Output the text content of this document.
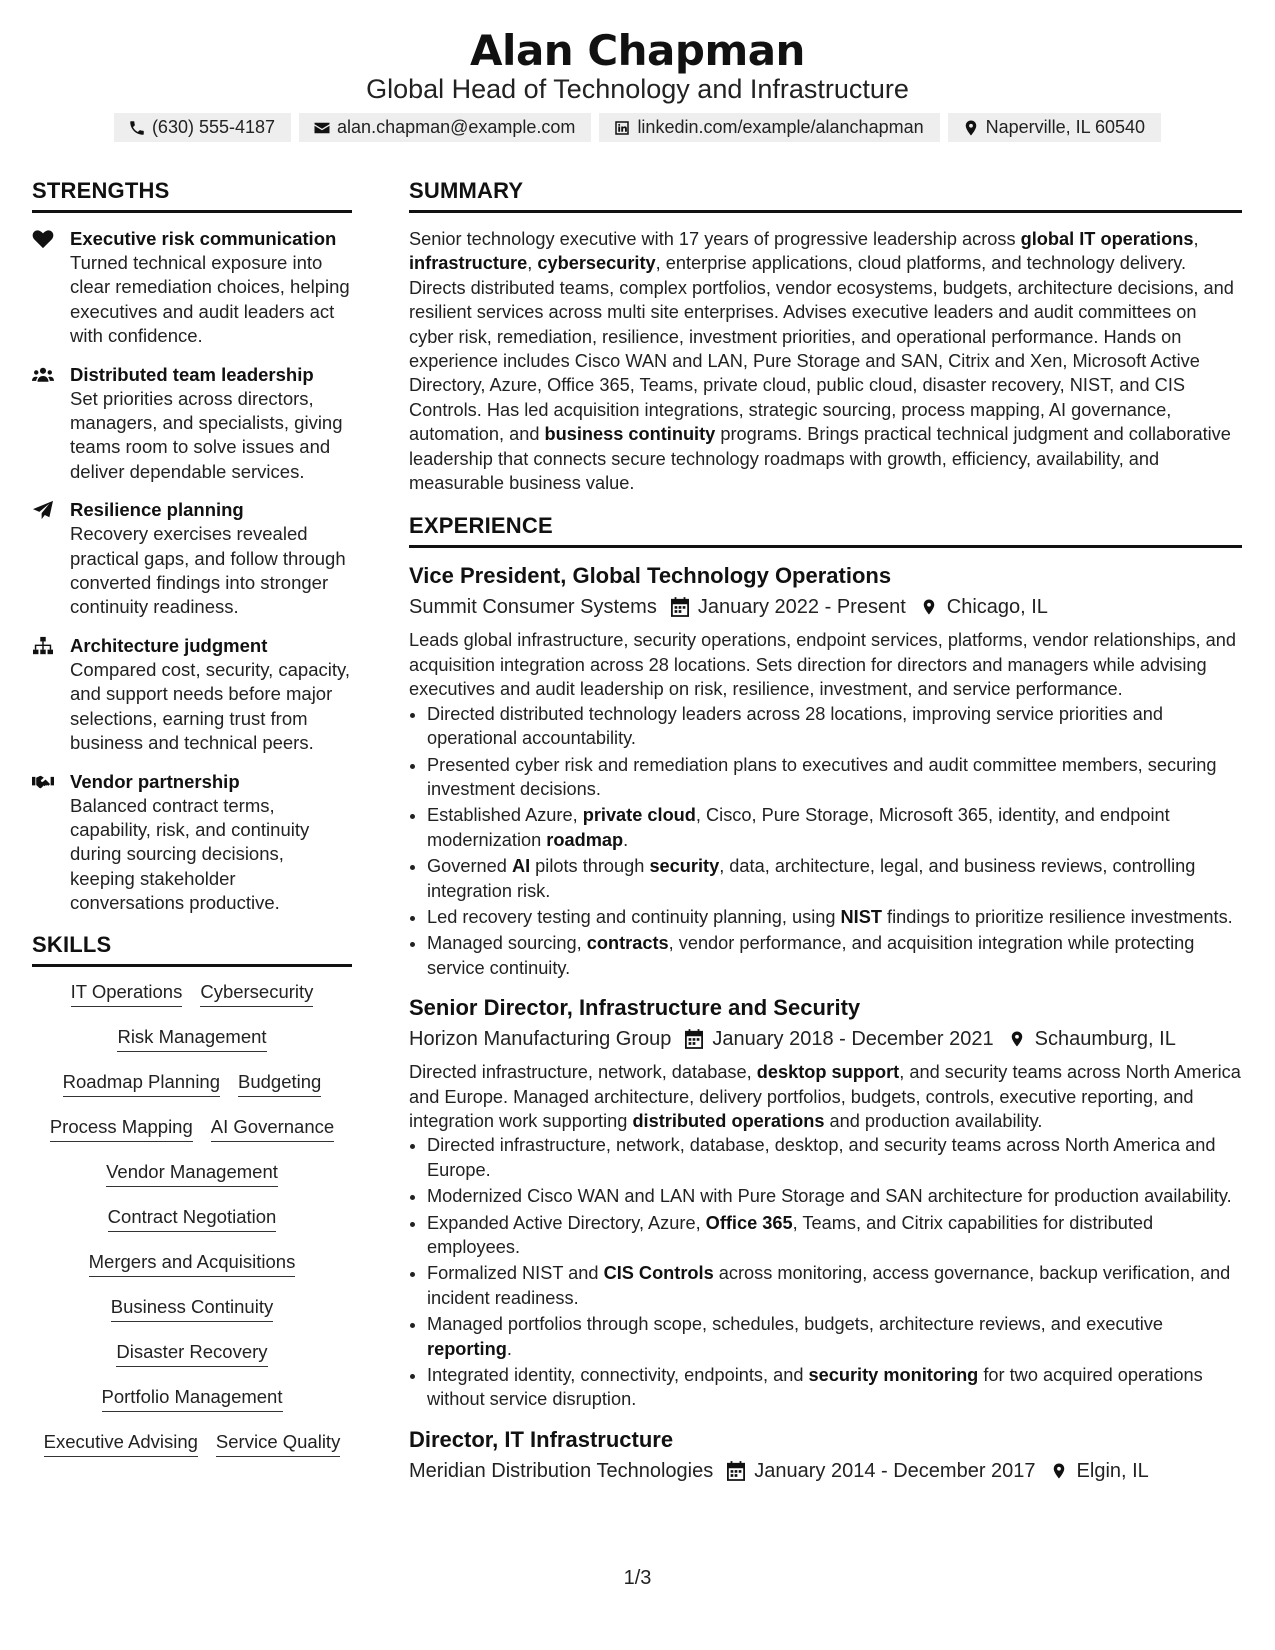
Alan Chapman
Global Head of Technology and Infrastructure
(630) 555-4187	alan.chapman@example.com	linkedin.com/example/alanchapman	Naperville, IL 60540
STRENGTHS
Executive risk communication
Turned technical exposure into clear remediation choices, helping executives and audit leaders act with confidence.
Distributed team leadership
Set priorities across directors, managers, and specialists, giving teams room to solve issues and deliver dependable services.
Resilience planning
Recovery exercises revealed practical gaps, and follow through converted findings into stronger continuity readiness.
Architecture judgment
Compared cost, security, capacity, and support needs before major selections, earning trust from business and technical peers.
Vendor partnership
Balanced contract terms, capability, risk, and continuity during sourcing decisions, keeping stakeholder conversations productive.
SKILLS
IT Operations Cybersecurity
Risk Management
Roadmap Planning Budgeting
Process Mapping AI Governance
Vendor Management
Contract Negotiation
Mergers and Acquisitions
Business Continuity
Disaster Recovery
Portfolio Management
Executive Advising Service Quality
SUMMARY
Senior technology executive with 17 years of progressive leadership across global IT operations, infrastructure, cybersecurity, enterprise applications, cloud platforms, and technology delivery. Directs distributed teams, complex portfolios, vendor ecosystems, budgets, architecture decisions, and resilient services across multi site enterprises. Advises executive leaders and audit committees on cyber risk, remediation, resilience, investment priorities, and operational performance. Hands on experience includes Cisco WAN and LAN, Pure Storage and SAN, Citrix and Xen, Microsoft Active Directory, Azure, Office 365, Teams, private cloud, public cloud, disaster recovery, NIST, and CIS Controls. Has led acquisition integrations, strategic sourcing, process mapping, AI governance, automation, and business continuity programs. Brings practical technical judgment and collaborative leadership that connects secure technology roadmaps with growth, efficiency, availability, and measurable business value.
EXPERIENCE
Vice President, Global Technology Operations
Summit Consumer Systems January 2022 - Present Chicago, IL
Leads global infrastructure, security operations, endpoint services, platforms, vendor relationships, and acquisition integration across 28 locations. Sets direction for directors and managers while advising executives and audit leadership on risk, resilience, investment, and service performance.
• Directed distributed technology leaders across 28 locations, improving service priorities and operational accountability.
• Presented cyber risk and remediation plans to executives and audit committee members, securing investment decisions.
• Established Azure, private cloud, Cisco, Pure Storage, Microsoft 365, identity, and endpoint modernization roadmap.
• Governed AI pilots through security, data, architecture, legal, and business reviews, controlling integration risk.
• Led recovery testing and continuity planning, using NIST findings to prioritize resilience investments.
• Managed sourcing, contracts, vendor performance, and acquisition integration while protecting service continuity.
Senior Director, Infrastructure and Security
Horizon Manufacturing Group January 2018 - December 2021 Schaumburg, IL
Directed infrastructure, network, database, desktop support, and security teams across North America and Europe. Managed architecture, delivery portfolios, budgets, controls, executive reporting, and integration work supporting distributed operations and production availability.
• Directed infrastructure, network, database, desktop, and security teams across North America and Europe.
• Modernized Cisco WAN and LAN with Pure Storage and SAN architecture for production availability.
• Expanded Active Directory, Azure, Office 365, Teams, and Citrix capabilities for distributed employees.
• Formalized NIST and CIS Controls across monitoring, access governance, backup verification, and incident readiness.
• Managed portfolios through scope, schedules, budgets, architecture reviews, and executive reporting.
• Integrated identity, connectivity, endpoints, and security monitoring for two acquired operations without service disruption.
Director, IT Infrastructure
Meridian Distribution Technologies January 2014 - December 2017 Elgin, IL
1/3
